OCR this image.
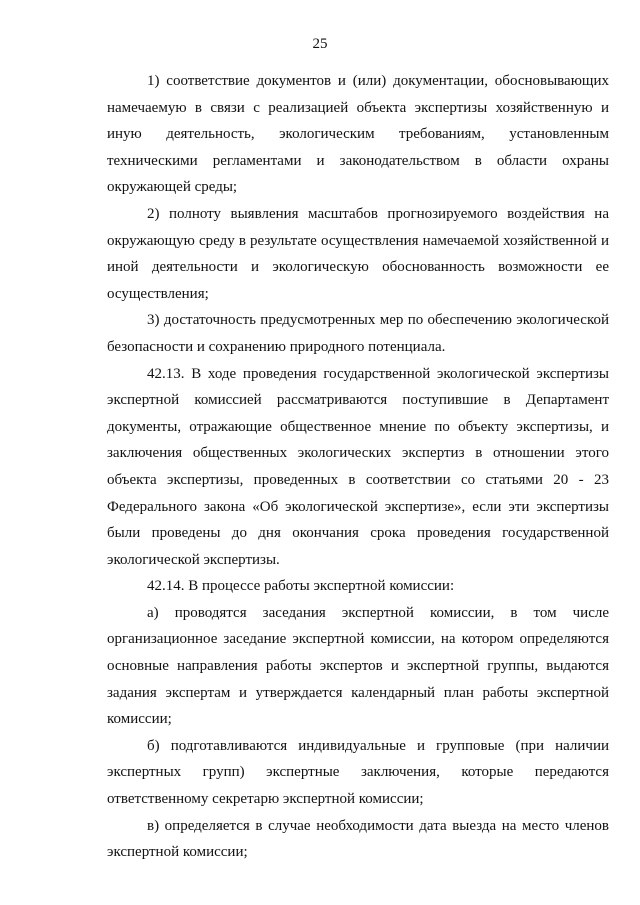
25

1) соответствие документов и (или) документации, обосновывающих намечаемую в связи с реализацией объекта экспертизы хозяйственную и иную деятельность, экологическим требованиям, установленным техническими регламентами и законодательством в области охраны окружающей среды;

2) полноту выявления масштабов прогнозируемого воздействия на окружающую среду в результате осуществления намечаемой хозяйственной и иной деятельности и экологическую обоснованность возможности ее осуществления;

3) достаточность предусмотренных мер по обеспечению экологической безопасности и сохранению природного потенциала.

42.13. В ходе проведения государственной экологической экспертизы экспертной комиссией рассматриваются поступившие в Департамент документы, отражающие общественное мнение по объекту экспертизы, и заключения общественных экологических экспертиз в отношении этого объекта экспертизы, проведенных в соответствии со статьями 20 - 23 Федерального закона «Об экологической экспертизе», если эти экспертизы были проведены до дня окончания срока проведения государственной экологической экспертизы.

42.14. В процессе работы экспертной комиссии:

а) проводятся заседания экспертной комиссии, в том числе организационное заседание экспертной комиссии, на котором определяются основные направления работы экспертов и экспертной группы, выдаются задания экспертам и утверждается календарный план работы экспертной комиссии;

б) подготавливаются индивидуальные и групповые (при наличии экспертных групп) экспертные заключения, которые передаются ответственному секретарю экспертной комиссии;

в) определяется в случае необходимости дата выезда на место членов экспертной комиссии;
